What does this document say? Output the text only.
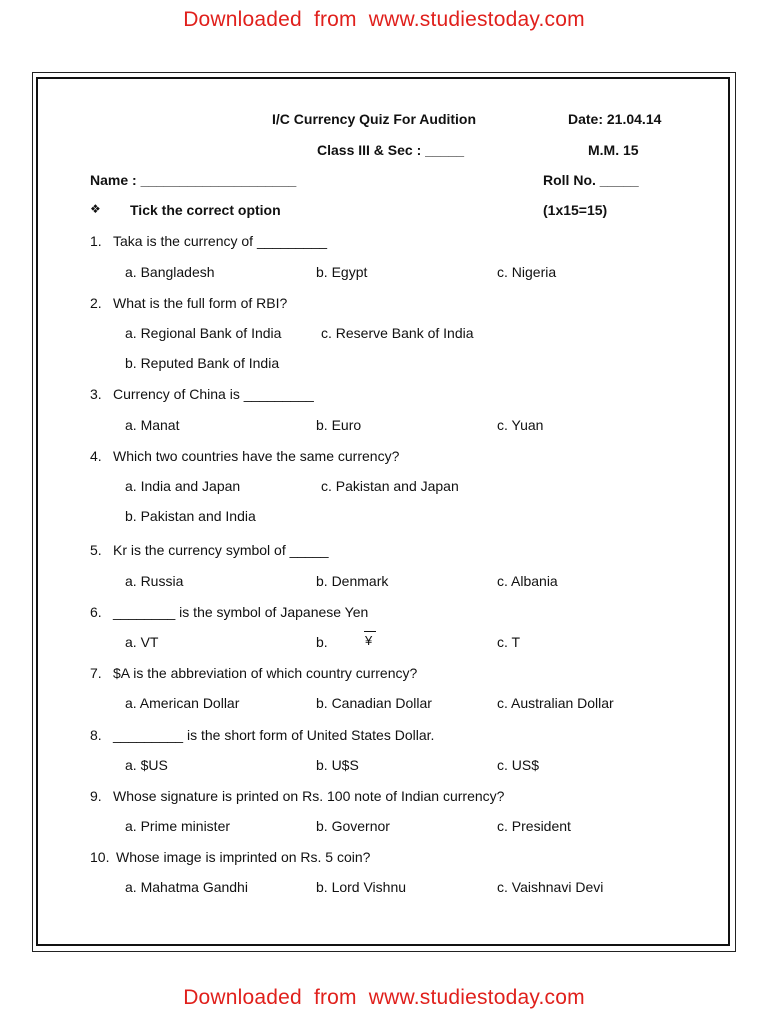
Downloaded from www.studiestoday.com
I/C Currency Quiz For Audition	Date: 21.04.14
Class III & Sec : _____	M.M. 15
Name : ____________________	Roll No. _____
❖ Tick the correct option	(1x15=15)
1. Taka is the currency of _________
a. Bangladesh	b. Egypt	c. Nigeria
2. What is the full form of RBI?
a. Regional Bank of India	c. Reserve Bank of India
b. Reputed Bank of India
3. Currency of China is _________
a. Manat	b. Euro	c. Yuan
4. Which two countries have the same currency?
a. India and Japan	c. Pakistan and Japan
b. Pakistan and India
5. Kr is the currency symbol of _____
a. Russia	b. Denmark	c. Albania
6. ________ is the symbol of Japanese Yen
a. VT	b.	¥	c. T
7. $A is the abbreviation of which country currency?
a. American Dollar	b. Canadian Dollar	c. Australian Dollar
8. _________ is the short form of United States Dollar.
a. $US	b. U$S	c. US$
9. Whose signature is printed on Rs. 100 note of Indian currency?
a. Prime minister	b. Governor	c. President
10. Whose image is imprinted on Rs. 5 coin?
a. Mahatma Gandhi	b. Lord Vishnu	c. Vaishnavi Devi
Downloaded from www.studiestoday.com
